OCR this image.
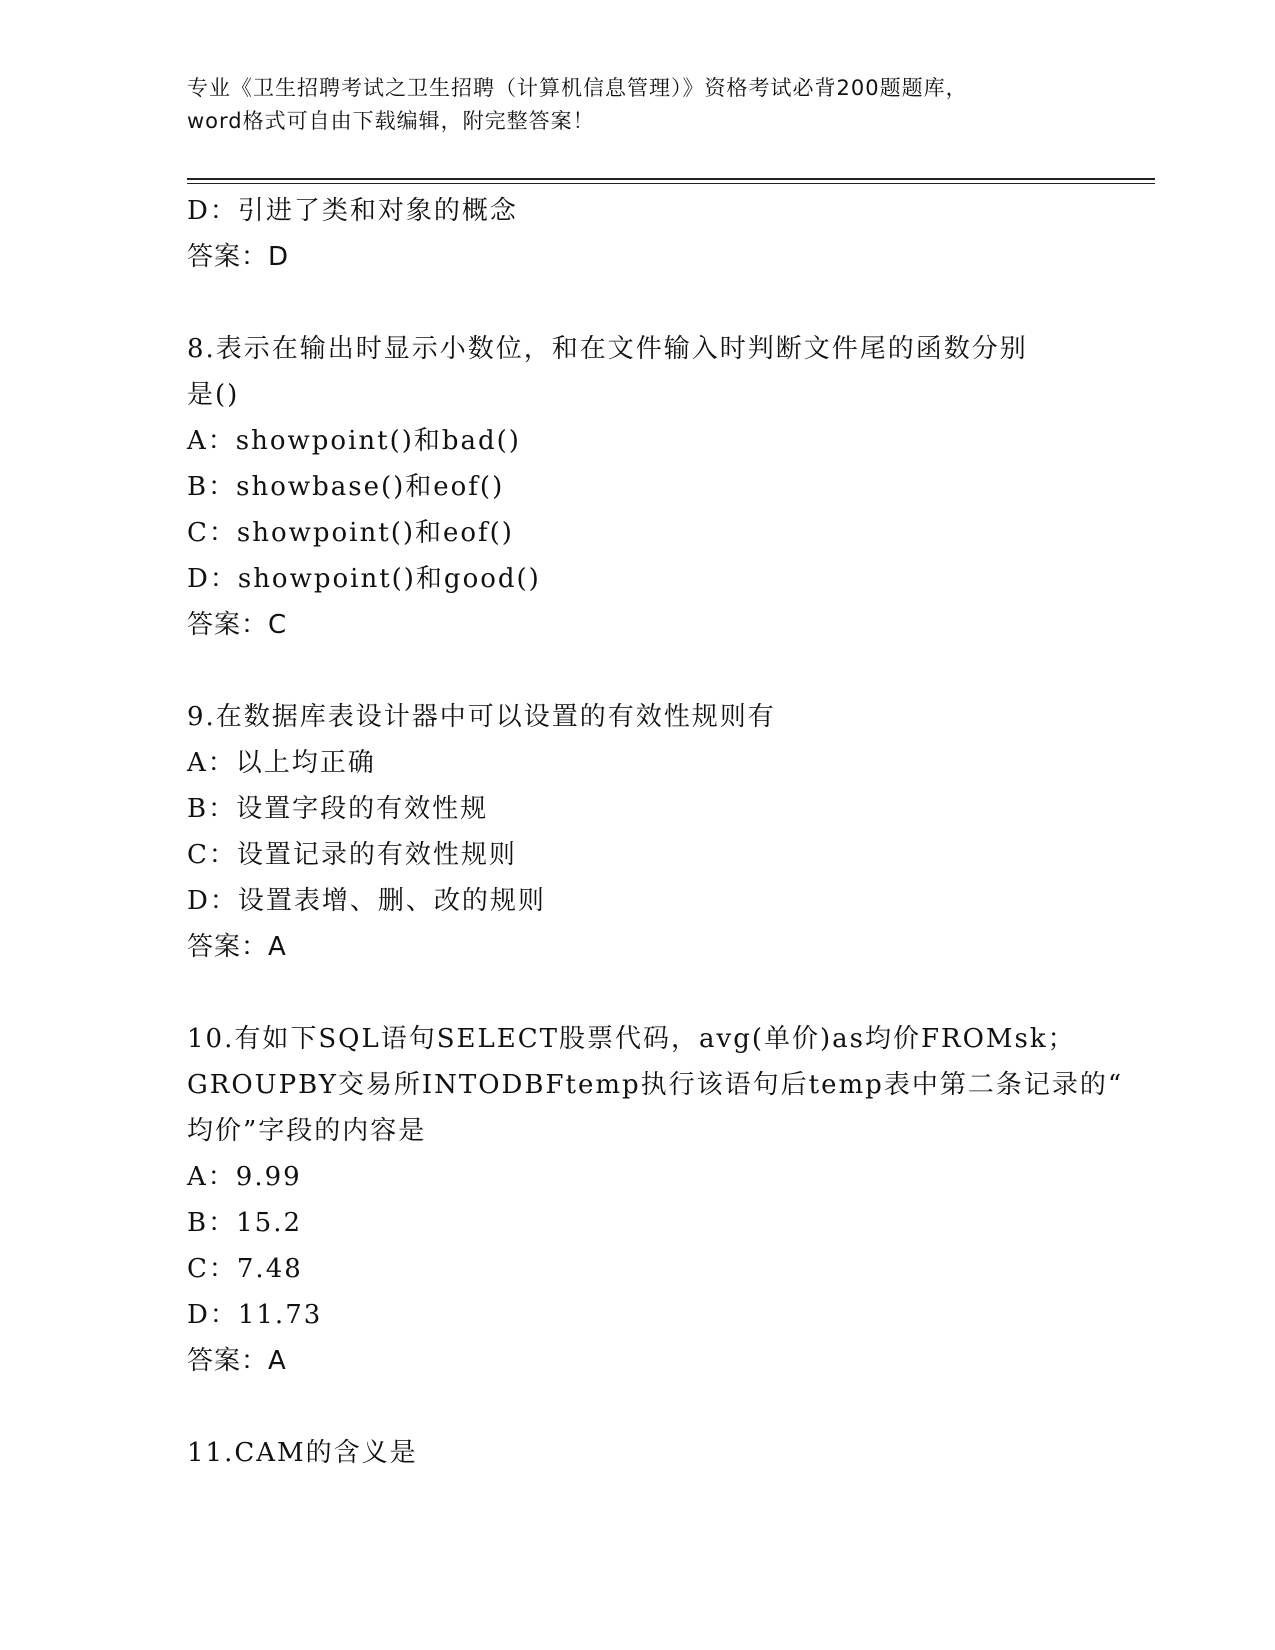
专业《卫生招聘考试之卫生招聘（计算机信息管理）》资格考试必背200题题库，
word格式可自由下载编辑，附完整答案！
D：引进了类和对象的概念
答案：D
8.表示在输出时显示小数位，和在文件输入时判断文件尾的函数分别
是()
A：showpoint()和bad()
B：showbase()和eof()
C：showpoint()和eof()
D：showpoint()和good()
答案：C
9.在数据库表设计器中可以设置的有效性规则有
A：以上均正确
B：设置字段的有效性规
C：设置记录的有效性规则
D：设置表增、删、改的规则
答案：A
10.有如下SQL语句SELECT股票代码，avg(单价)as均价FROMsk；
GROUPBY交易所INTODBFtemp执行该语句后temp表中第二条记录的“
均价”字段的内容是
A：9.99
B：15.2
C：7.48
D：11.73
答案：A
11.CAM的含义是
